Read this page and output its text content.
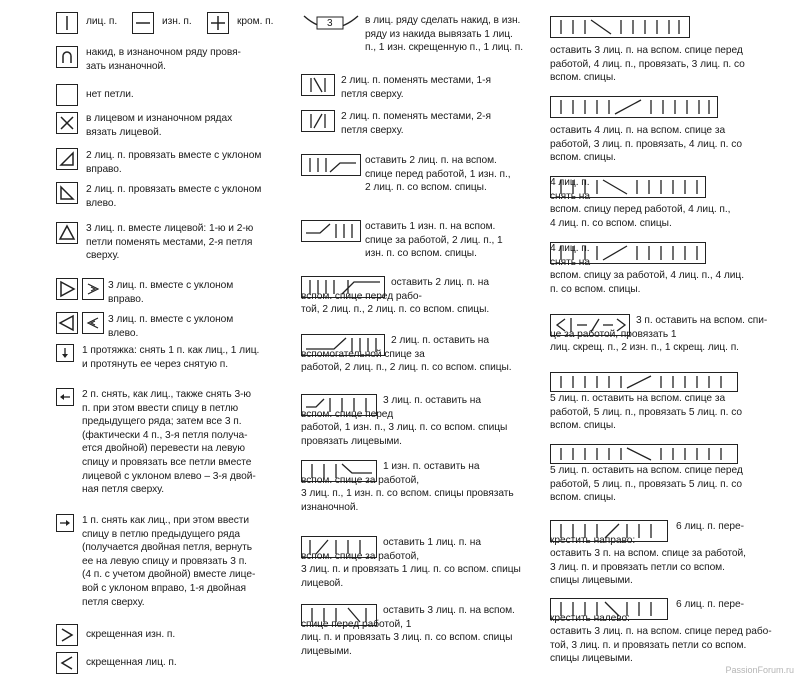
лиц. п.	изн. п.	кром. п.
накид, в изнаночном ряду провя-
зать изнаночной.
нет петли.
в лицевом и изнаночном рядах
вязать лицевой.
2 лиц. п. провязать вместе с уклоном
вправо.
2 лиц. п. провязать вместе с уклоном
влево.
3 лиц. п. вместе лицевой: 1-ю и 2-ю
петли поменять местами, 2-я петля
сверху.
3 лиц. п. вместе с уклоном
вправо.
3 лиц. п. вместе с уклоном
влево.
1 протяжка: снять 1 п. как лиц., 1 лиц.
и протянуть ее через снятую п.
2 п. снять, как лиц., также снять 3-ю
п. при этом ввести спицу в петлю
предыдущего ряда; затем все 3 п.
(фактически 4 п., 3-я петля получа-
ется двойной) перевести на левую
спицу и провязать все петли вместе
лицевой с уклоном влево – 3-я двой-
ная петля сверху.
1 п. снять как лиц., при этом ввести
спицу в петлю предыдущего ряда
(получается двойная петля, вернуть
ее на левую спицу и провязать 3 п.
(4 п. с учетом двойной) вместе лице-
вой с уклоном вправо, 1-я двойная
петля сверху.
скрещенная изн. п.
скрещенная лиц. п.
3	в лиц. ряду сделать накид, в изн.
ряду из накида вывязать 1 лиц.
п., 1 изн. скрещенную п., 1 лиц. п.
2 лиц. п. поменять местами, 1-я
петля сверху.
2 лиц. п. поменять местами, 2-я
петля сверху.
оставить 2 лиц. п. на вспом.
спице перед работой, 1 изн. п.,
2 лиц. п. со вспом. спицы.
оставить 1 изн. п. на вспом.
спице за работой, 2 лиц. п., 1
изн. п. со вспом. спицы.
оставить 2 лиц. п. на
вспом. спице перед рабо-
той, 2 лиц. п., 2 лиц. п. со вспом. спицы.
2 лиц. п. оставить на
вспомогательной спице за
работой, 2 лиц. п., 2 лиц. п. со вспом. спицы.
3 лиц. п. оставить на
вспом. спице перед
работой, 1 изн. п., 3 лиц. п. со вспом. спицы
провязать лицевыми.
1 изн. п. оставить на
вспом. спице за работой,
3 лиц. п., 1 изн. п. со вспом. спицы провязать
изнаночной.
оставить 1 лиц. п. на
вспом. спице за работой,
3 лиц. п. и провязать 1 лиц. п. со вспом. спицы
лицевой.
оставить 3 лиц. п. на вспом.
спице перед работой, 1
лиц. п. и провязать 3 лиц. п. со вспом. спицы
лицевыми.
оставить 3 лиц. п. на вспом. спице перед
работой, 4 лиц. п., провязать, 3 лиц. п. со
вспом. спицы.
оставить 4 лиц. п. на вспом. спице за
работой, 3 лиц. п. провязать, 4 лиц. п. со
вспом. спицы.
4 лиц. п.
снять на
вспом. спицу перед работой, 4 лиц. п.,
4 лиц. п. со вспом. спицы.
4 лиц. п.
снять на
вспом. спицу за работой, 4 лиц. п., 4 лиц.
п. со вспом. спицы.
3 п. оставить на вспом. спи-
це за работой, провязать 1
лиц. скрещ. п., 2 изн. п., 1 скрещ. лиц. п.
5 лиц. п. оставить на вспом. спице за
работой, 5 лиц. п., провязать 5 лиц. п. со
вспом. спицы.
5 лиц. п. оставить на вспом. спице перед
работой, 5 лиц. п., провязать 5 лиц. п. со
вспом. спицы.
6 лиц. п. пере-
крестить направо:
оставить 3 п. на вспом. спице за работой,
3 лиц. п. и провязать петли со вспом.
спицы лицевыми.
6 лиц. п. пере-
крестить налево:
оставить 3 лиц. п. на вспом. спице перед рабо-
той, 3 лиц. п. и провязать петли со вспом.
спицы лицевыми.
PassionForum.ru
